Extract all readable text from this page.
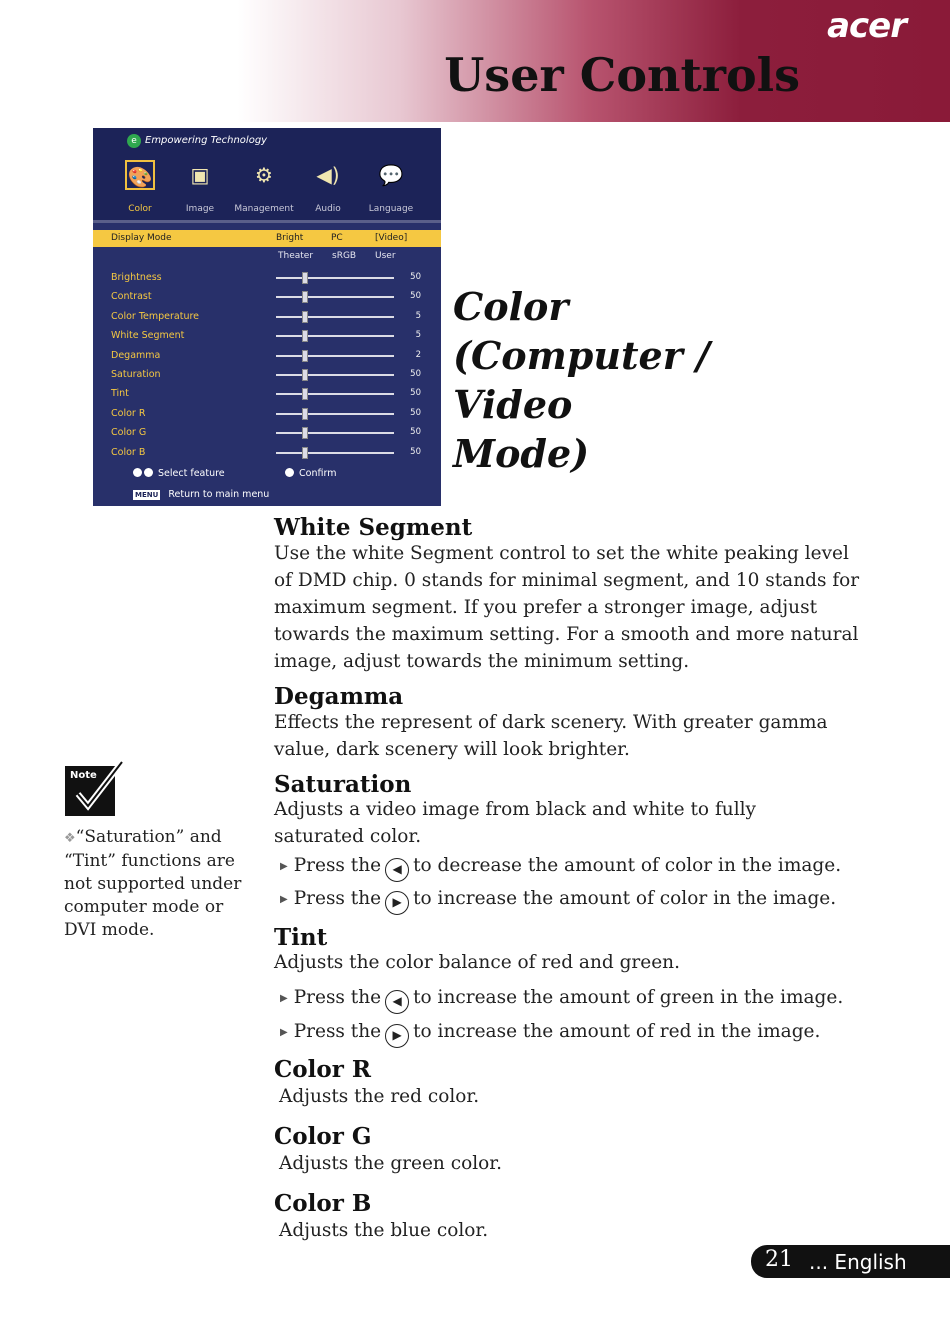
acer
User Controls
e Empowering Technology
🎨
Color
▣
Image
⚙
Management
◀)
Audio
💬
Language
Display Mode	Bright	PC	[Video]
Theater sRGB User
Brightness	50
Contrast	50
Color Temperature	5
White Segment	5
Degamma	2
Saturation	50
Tint	50
Color R	50
Color G	50
Color B	50
Select feature	Confirm
MENU Return to main menu
Color
(Computer / Video
Mode)
White Segment
Use the white Segment control to set the white peaking level of DMD chip. 0 stands for minimal segment, and 10 stands for maximum segment. If you prefer a stronger image, adjust towards the maximum setting. For a smooth and more natural image, adjust towards the minimum setting.
Degamma
Effects the represent of dark scenery. With greater gamma value, dark scenery will look brighter.
Saturation
Adjusts a video image from black and white to fully saturated color.
▶ Press the ◀ to decrease the amount of color in the image.
▶ Press the ▶ to increase the amount of color in the image.
Tint
Adjusts the color balance of red and green.
▶ Press the ◀ to increase the amount of green in the image.
▶ Press the ▶ to increase the amount of red in the image.
Color R
Adjusts the red color.
Color G
Adjusts the green color.
Color B
Adjusts the blue color.
Note
❖“Saturation” and “Tint” functions are not supported under computer mode or DVI mode.
21 ... English
